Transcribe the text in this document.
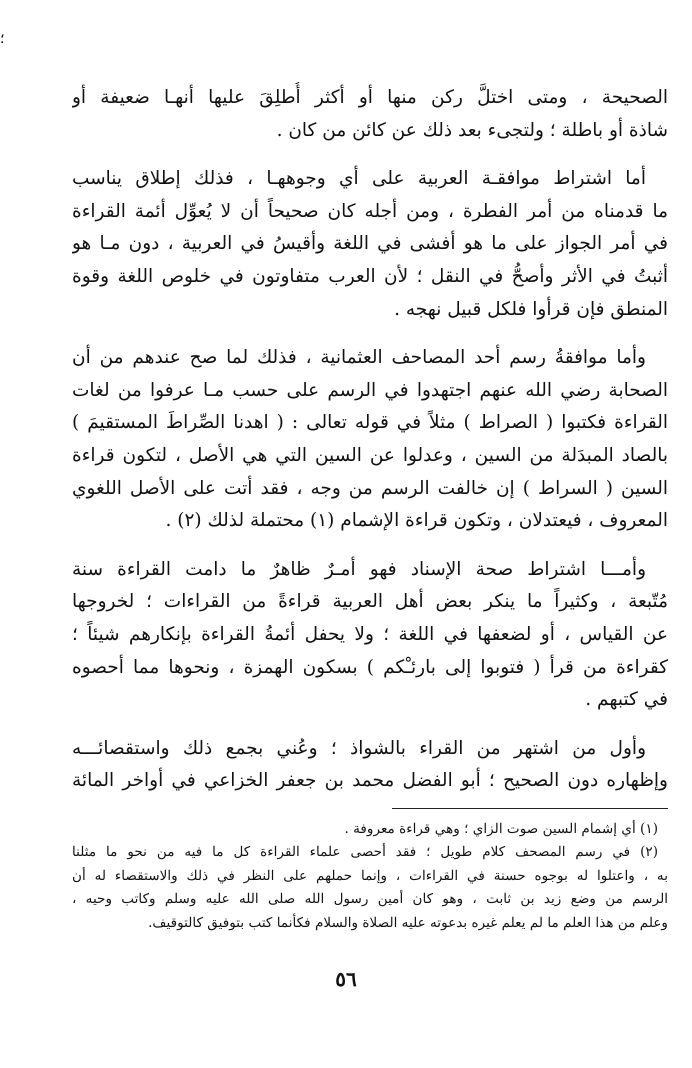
؛
الصحيحة ، ومتى اختلَّ ركن منها أو أكثر أُطلِقَ عليها أنهـا ضعيفة أو
شاذة أو باطلة ؛ ولتجىء بعد ذلك عن كائن من كان .
أما اشتراط موافقـة العربية على أي وجوههـا ، فذلك إطلاق يناسب
ما قدمناه من أمر الفطرة ، ومن أجله كان صحيحاً أن لا يُعوِّل أئمة القراءة
في أمر الجواز على ما هو أفشى في اللغة وأقيسُ في العربية ، دون مـا هو
أثبتُ في الأثر وأصحُّ في النقل ؛ لأن العرب متفاوتون في خلوص اللغة وقوة
المنطق فإن قرأوا فلكل قبيل نهجه .
وأما موافقةُ رسم أحد المصاحف العثمانية ، فذلك لما صح عندهم من أن
الصحابة رضي الله عنهم اجتهدوا في الرسم على حسب مـا عرفوا من لغات
القراءة فكتبوا ( الصراط ) مثلاً في قوله تعالى : ( اهدنا الصِّراطَ المستقيمَ )
بالصاد المبدَلة من السين ، وعدلوا عن السين التي هي الأصل ، لتكون قراءة
السين ( السراط ) إن خالفت الرسم من وجه ، فقد أتت على الأصل اللغوي
المعروف ، فيعتدلان ، وتكون قراءة الإشمام (١) محتملة لذلك (٢) .
وأمـــا اشتراط صحة الإسناد فهو أمـرٌ ظاهرٌ ما دامت القراءة سنة
مُتّبعة ، وكثيراً ما ينكر بعض أهل العربية قراءةً من القراءات ؛ لخروجها
عن القياس ، أو لضعفها في اللغة ؛ ولا يحفل أئمةُ القراءة بإنكارهم شيئاً ؛
كقراءة من قرأ ( فتوبوا إلى بارئـْكم ) بسكون الهمزة ، ونحوها مما أحصوه
في كتبهم .
وأول من اشتهر من القراء بالشواذ ؛ وعُني بجمع ذلك واستقصائـــه
وإظهاره دون الصحيح ؛ أبو الفضل محمد بن جعفر الخزاعي في أواخر المائة
(١) أي إشمام السين صوت الزاي ؛ وهي قراءة معروفة .
(٢) في رسم المصحف كلام طويل ؛ فقد أحصى علماء القراءة كل ما فيه من نحو ما مثلنا
به ، واعتلوا له بوجوه حسنة في القراءات ، وإنما حملهم على النظر في ذلك والاستقصاء له أن
الرسم من وضع زيد بن ثابت ، وهو كان أمين رسول الله صلى الله عليه وسلم وكاتب وحيه ،
وعلم من هذا العلم ما لم يعلم غيره بدعوته عليه الصلاة والسلام فكأنما كتب بتوفيق كالتوقيف.
٥٦
